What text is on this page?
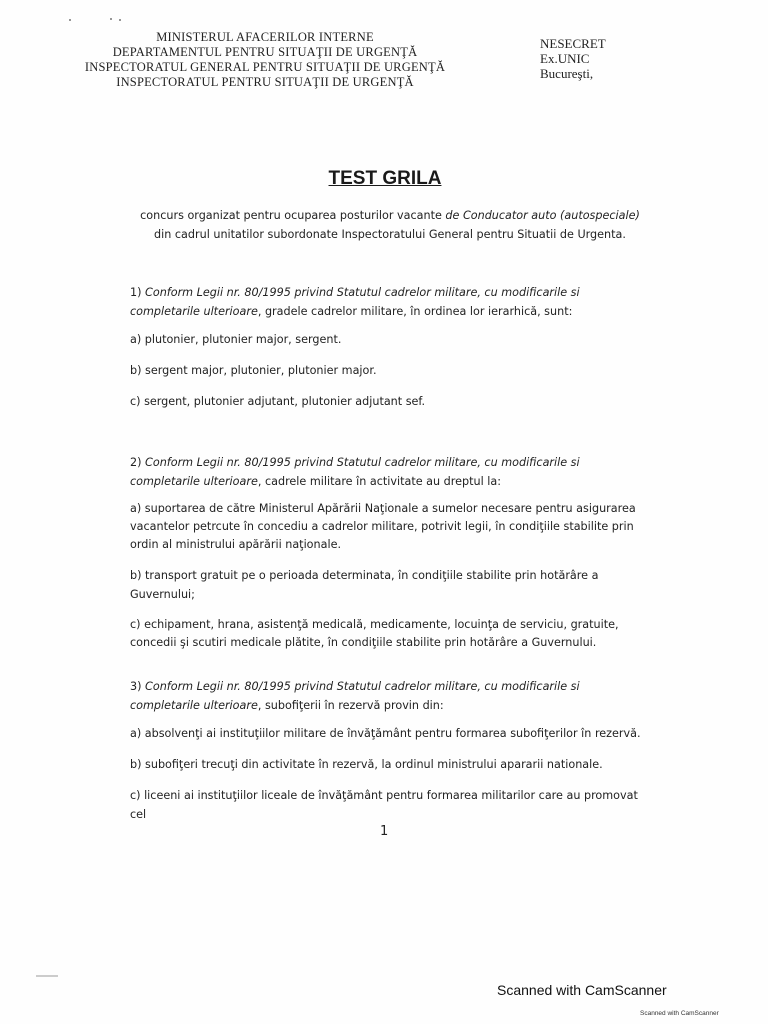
MINISTERUL AFACERILOR INTERNE
DEPARTAMENTUL PENTRU SITUAŢII DE URGENŢĂ
INSPECTORATUL GENERAL PENTRU SITUAŢII DE URGENŢĂ
INSPECTORATUL PENTRU SITUAŢII DE URGENŢĂ
NESECRET
Ex.UNIC
Bucureşti,
TEST GRILA
concurs organizat pentru ocuparea posturilor vacante de Conducator auto (autospeciale) din cadrul unitatilor subordonate Inspectoratului General pentru Situatii de Urgenta.

1) Conform Legii nr. 80/1995 privind Statutul cadrelor militare, cu modificarile si completarile ulterioare, gradele cadrelor militare, în ordinea lor ierarhică, sunt:

a) plutonier, plutonier major, sergent.

b) sergent major, plutonier, plutonier major.

c) sergent, plutonier adjutant, plutonier adjutant sef.

2) Conform Legii nr. 80/1995 privind Statutul cadrelor militare, cu modificarile si completarile ulterioare, cadrele militare în activitate au dreptul la:

a) suportarea de către Ministerul Apărării Naţionale a sumelor necesare pentru asigurarea vacantelor petrcute în concediu a cadrelor militare, potrivit legii, în condiţiile stabilite prin ordin al ministrului apărării naţionale.

b) transport gratuit pe o perioada determinata, în condiţiile stabilite prin hotărâre a Guvernului;

c) echipament, hrana, asistenţă medicală, medicamente, locuinţa de serviciu, gratuite, concedii şi scutiri medicale plătite, în condiţiile stabilite prin hotărâre a Guvernului.

3) Conform Legii nr. 80/1995 privind Statutul cadrelor militare, cu modificarile si completarile ulterioare, subofiţerii în rezervă provin din:

a) absolvenţi ai instituţiilor militare de învăţământ pentru formarea subofiţerilor în rezervă.

b) subofiţeri trecuţi din activitate în rezervă, la ordinul ministrului apararii nationale.

c) liceeni ai instituţiilor liceale de învăţământ pentru formarea militarilor care au promovat cel

1
Scanned with CamScanner
Scanned with CamScanner
